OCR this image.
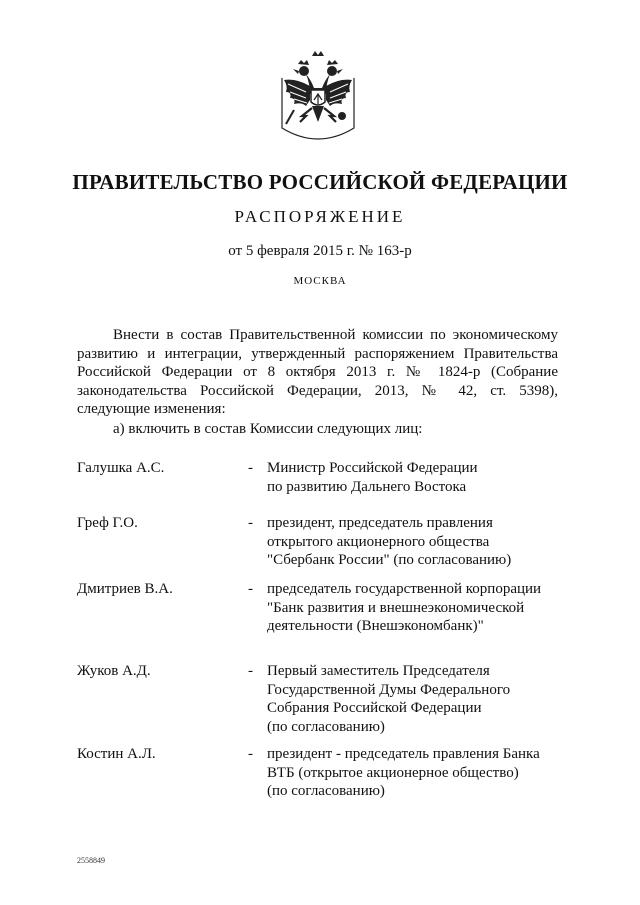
ПРАВИТЕЛЬСТВО РОССИЙСКОЙ ФЕДЕРАЦИИ
РАСПОРЯЖЕНИЕ
от 5 февраля 2015 г. № 163-р
МОСКВА

Внести в состав Правительственной комиссии по экономическому развитию и интеграции, утвержденный распоряжением Правительства Российской Федерации от 8 октября 2013 г. № 1824-р (Собрание законодательства Российской Федерации, 2013, № 42, ст. 5398), следующие изменения:

а) включить в состав Комиссии следующих лиц:
Галушка А.С.	- Министр Российской Федерации
по развитию Дальнего Востока
Греф Г.О.	- президент, председатель правления
открытого акционерного общества
"Сбербанк России" (по согласованию)
Дмитриев В.А.	- председатель государственной корпорации
"Банк развития и внешнеэкономической
деятельности (Внешэкономбанк)"
Жуков А.Д.	- Первый заместитель Председателя
Государственной Думы Федерального
Собрания Российской Федерации
(по согласованию)
Костин А.Л.	- президент - председатель правления Банка
ВТБ (открытое акционерное общество)
(по согласованию)
2558849
